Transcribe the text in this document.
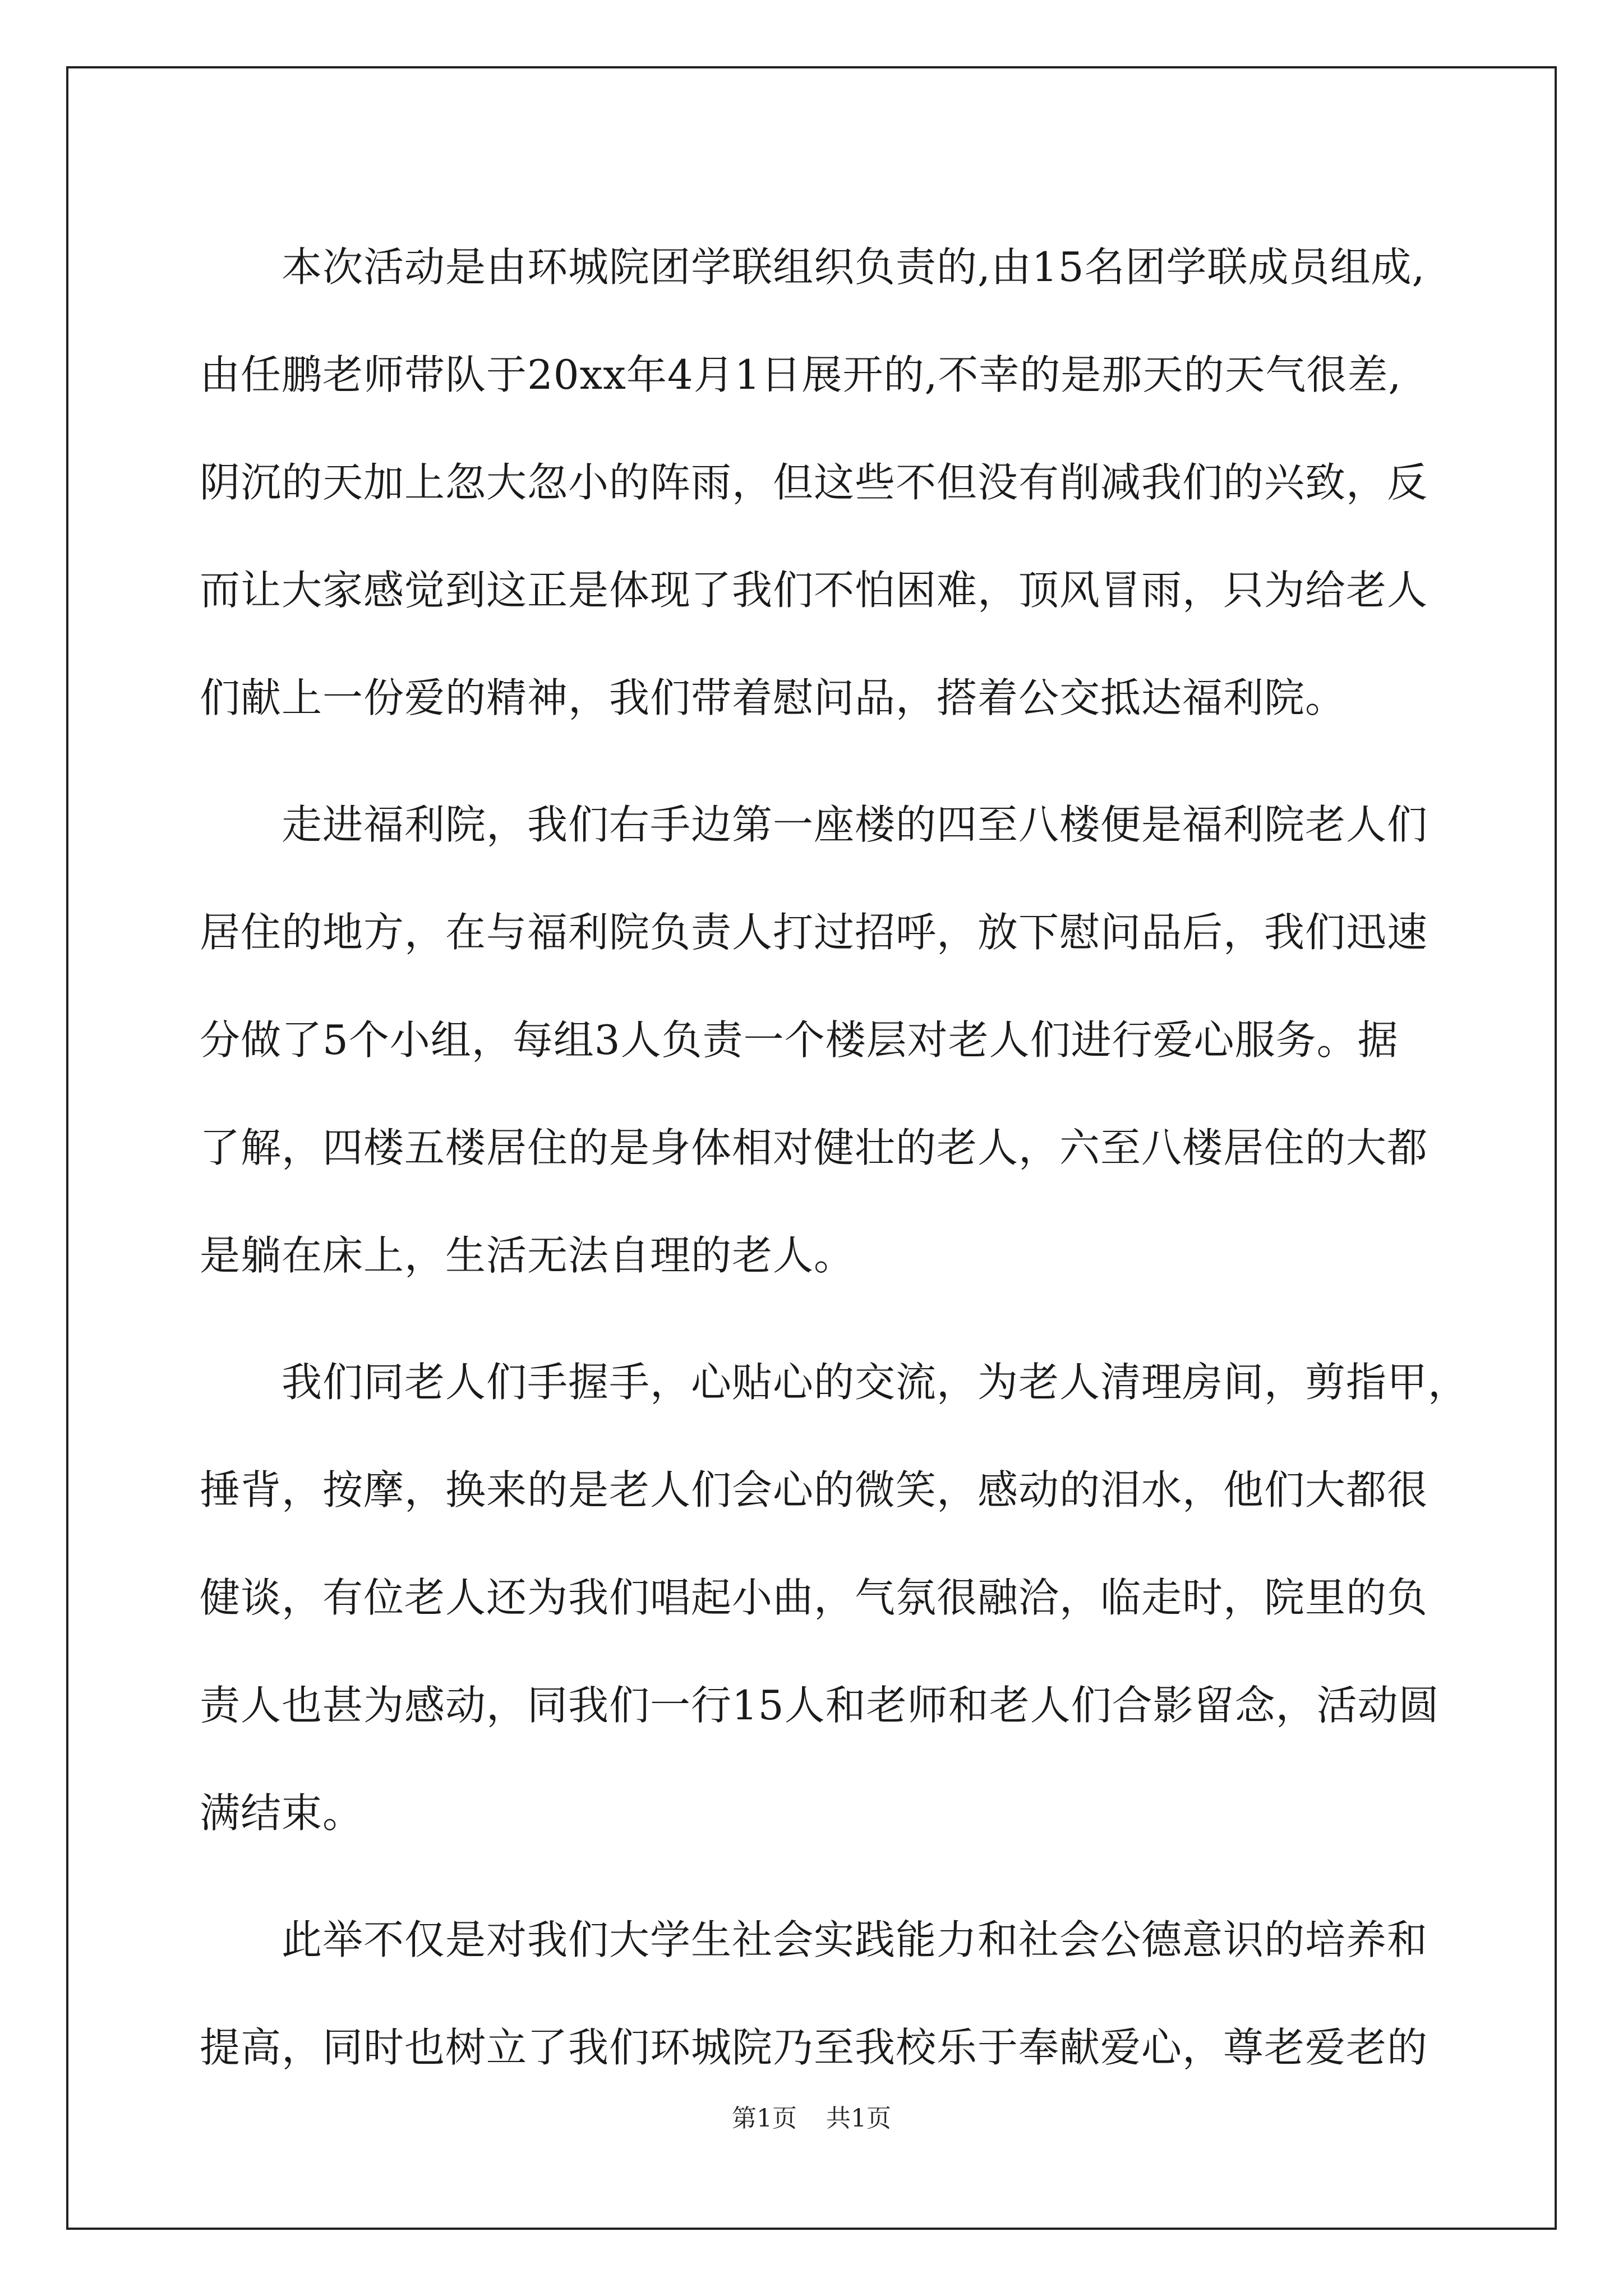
　　本次活动是由环城院团学联组织负责的,由15名团学联成员组成,
由任鹏老师带队于20xx年4月1日展开的,不幸的是那天的天气很差,
阴沉的天加上忽大忽小的阵雨，但这些不但没有削减我们的兴致，反
而让大家感觉到这正是体现了我们不怕困难，顶风冒雨，只为给老人
们献上一份爱的精神，我们带着慰问品，搭着公交抵达福利院。
　　走进福利院，我们右手边第一座楼的四至八楼便是福利院老人们
居住的地方，在与福利院负责人打过招呼，放下慰问品后，我们迅速
分做了5个小组，每组3人负责一个楼层对老人们进行爱心服务。据
了解，四楼五楼居住的是身体相对健壮的老人，六至八楼居住的大都
是躺在床上，生活无法自理的老人。
　　我们同老人们手握手，心贴心的交流，为老人清理房间，剪指甲，
捶背，按摩，换来的是老人们会心的微笑，感动的泪水，他们大都很
健谈，有位老人还为我们唱起小曲，气氛很融洽，临走时，院里的负
责人也甚为感动，同我们一行15人和老师和老人们合影留念，活动圆
满结束。
　　此举不仅是对我们大学生社会实践能力和社会公德意识的培养和
提高，同时也树立了我们环城院乃至我校乐于奉献爱心，尊老爱老的
第1页 共1页
